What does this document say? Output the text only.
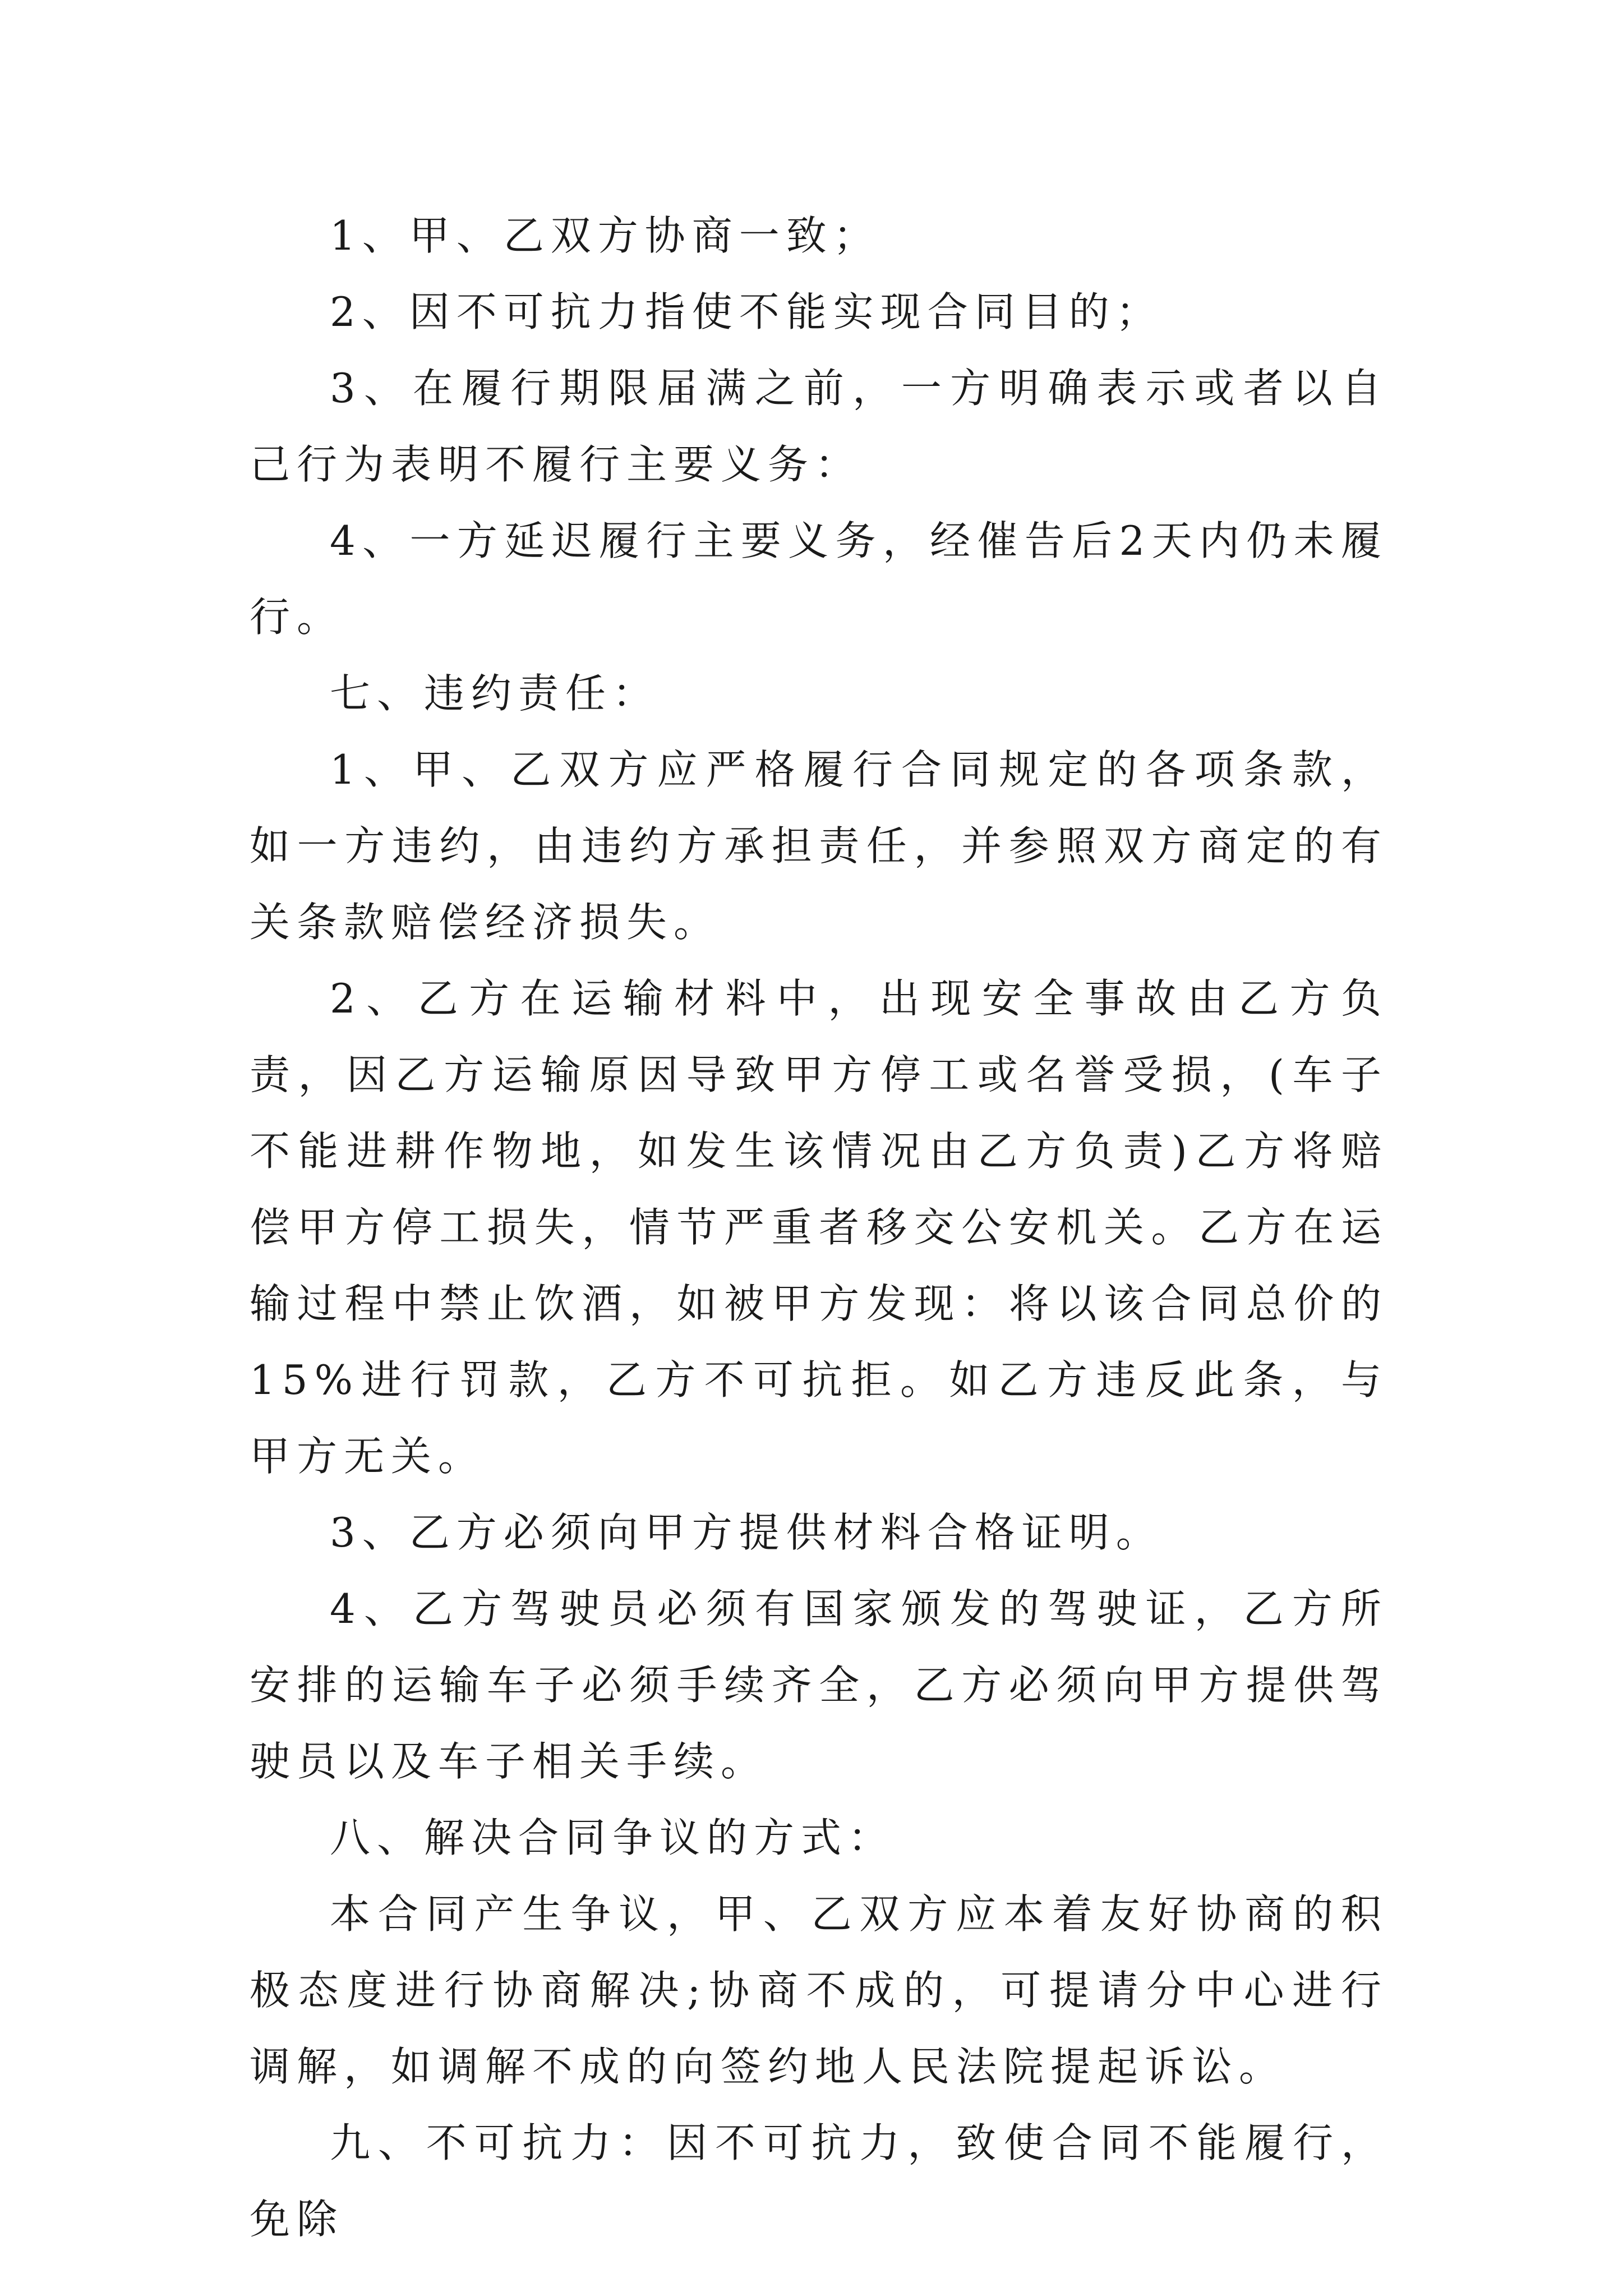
1、甲、乙双方协商一致；

2、因不可抗力指使不能实现合同目的；

3、在履行期限届满之前，一方明确表示或者以自己行为表明不履行主要义务：

4、一方延迟履行主要义务，经催告后2天内仍未履行。

七、违约责任：

1、甲、乙双方应严格履行合同规定的各项条款，如一方违约，由违约方承担责任，并参照双方商定的有关条款赔偿经济损失。

2、乙方在运输材料中，出现安全事故由乙方负责，因乙方运输原因导致甲方停工或名誉受损，(车子不能进耕作物地，如发生该情况由乙方负责)乙方将赔偿甲方停工损失，情节严重者移交公安机关。乙方在运输过程中禁止饮酒，如被甲方发现：将以该合同总价的15%进行罚款，乙方不可抗拒。如乙方违反此条，与甲方无关。

3、乙方必须向甲方提供材料合格证明。

4、乙方驾驶员必须有国家颁发的驾驶证，乙方所安排的运输车子必须手续齐全，乙方必须向甲方提供驾驶员以及车子相关手续。

八、解决合同争议的方式：

本合同产生争议，甲、乙双方应本着友好协商的积极态度进行协商解决;协商不成的，可提请分中心进行调解，如调解不成的向签约地人民法院提起诉讼。

九、不可抗力：因不可抗力，致使合同不能履行，免除
